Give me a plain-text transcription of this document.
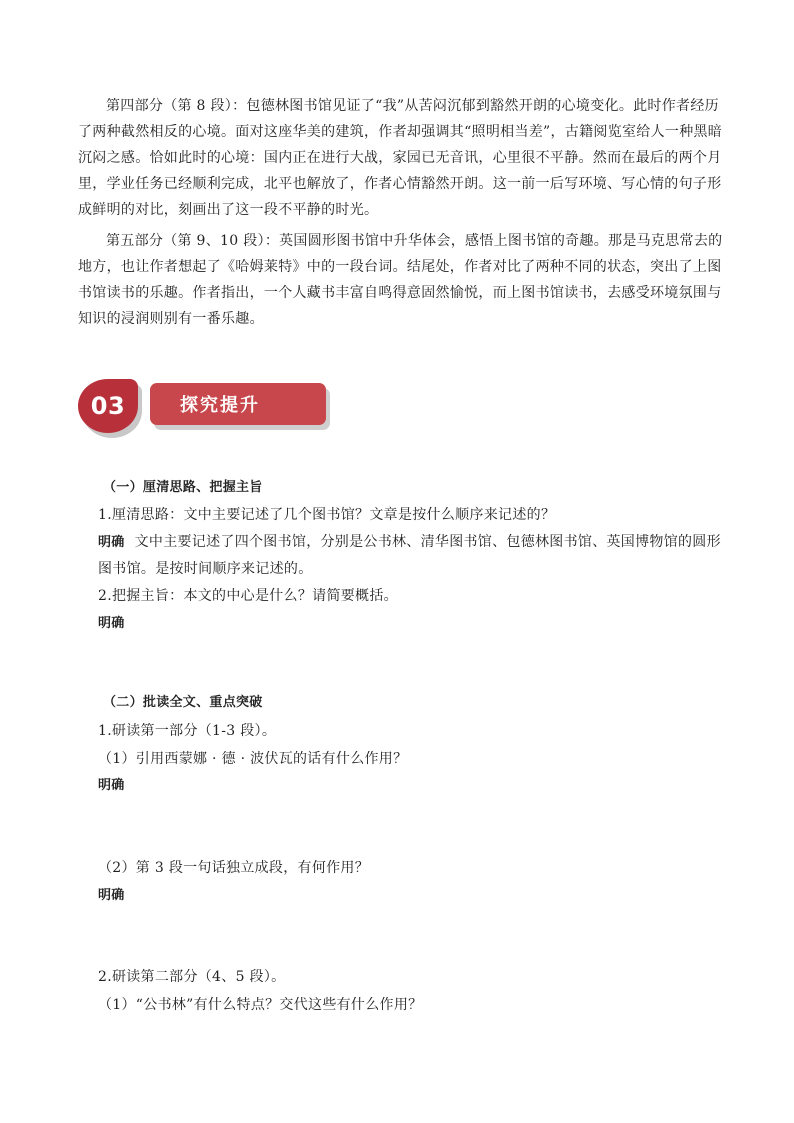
第四部分（第 8 段）：包德林图书馆见证了“我”从苦闷沉郁到豁然开朗的心境变化。此时作者经历了两种截然相反的心境。面对这座华美的建筑，作者却强调其“照明相当差”，古籍阅览室给人一种黑暗沉闷之感。恰如此时的心境：国内正在进行大战，家园已无音讯，心里很不平静。然而在最后的两个月里，学业任务已经顺利完成，北平也解放了，作者心情豁然开朗。这一前一后写环境、写心情的句子形成鲜明的对比，刻画出了这一段不平静的时光。

第五部分（第 9、10 段）：英国圆形图书馆中升华体会，感悟上图书馆的奇趣。那是马克思常去的地方，也让作者想起了《哈姆莱特》中的一段台词。结尾处，作者对比了两种不同的状态，突出了上图书馆读书的乐趣。作者指出，一个人藏书丰富自鸣得意固然愉悦，而上图书馆读书，去感受环境氛围与知识的浸润则别有一番乐趣。

03	探究提升

（一）厘清思路、把握主旨

1.厘清思路：文中主要记述了几个图书馆？文章是按什么顺序来记述的？

明确 文中主要记述了四个图书馆，分别是公书林、清华图书馆、包德林图书馆、英国博物馆的圆形图书馆。是按时间顺序来记述的。

2.把握主旨：本文的中心是什么？请简要概括。

明确

（二）批读全文、重点突破

1.研读第一部分（1-3 段）。

（1）引用西蒙娜 · 德 · 波伏瓦的话有什么作用？

明确

（2）第 3 段一句话独立成段，有何作用？

明确

2.研读第二部分（4、5 段）。

（1）“公书林”有什么特点？交代这些有什么作用？
